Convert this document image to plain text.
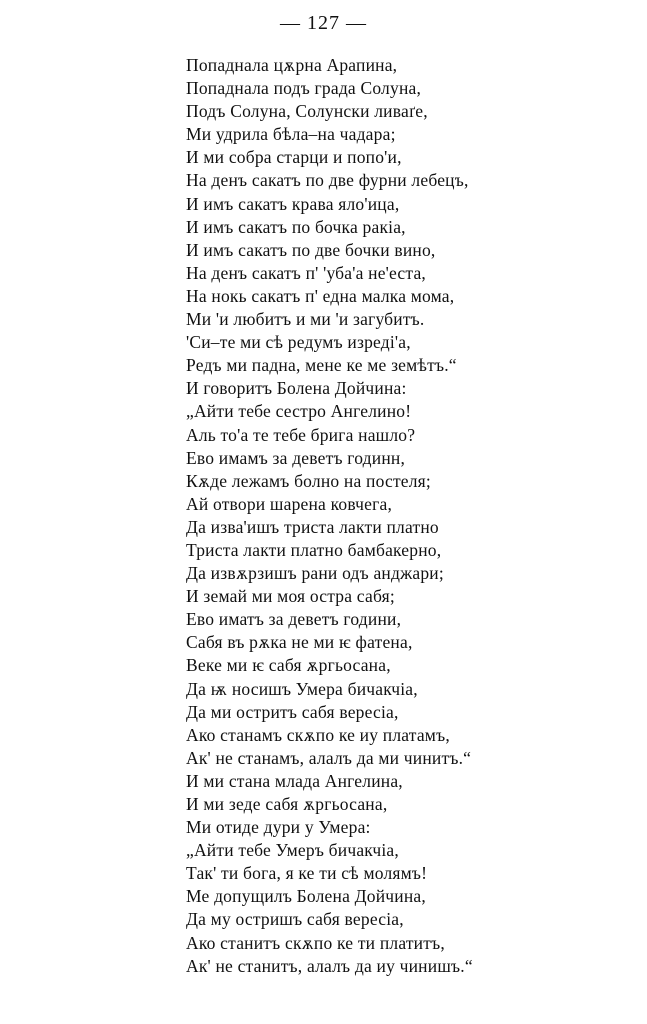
— 127 —
Попаднала цѫрна Арапина,
Попаднала подъ града Солуна,
Подъ Солуна, Солунски ливаґе,
Ми удрила бѣла–на чадара;
И ми собра старци и попо'и,
На денъ сакатъ по две фурни лебецъ,
И имъ сакатъ крава яло'ица,
И имъ сакатъ по бочка ракіа,
И имъ сакатъ по две бочки вино,
На денъ сакатъ п' 'уба'а не'еста,
На нокь сакатъ п' една малка мома,
Ми 'и любитъ и ми 'и загубитъ.
'Си–те ми сѣ редумъ изреді'а,
Редъ ми падна, мене ке ме земѣтъ.“
И говоритъ Болена Дойчина:
„Айти тебе сестро Ангелино!
Аль то'а те тебе брига нашло?
Ево имамъ за деветъ годинн,
Кѫде лежамъ болно на постеля;
Ай отвори шарена ковчега,
Да изва'ишъ триста лакти платно
Триста лакти платно бамбакерно,
Да извѫрзишъ рани одъ анджари;
И земай ми моя остра сабя;
Ево иматъ за деветъ години,
Сабя въ рѫка не ми ѥ фатена,
Веке ми ѥ сабя ѫргьосана,
Да ѭ носишъ Умера бичакчіа,
Да ми остритъ сабя вересіа,
Ако станамъ скѫпо ке иу платамъ,
Ак' не станамъ, алалъ да ми чинитъ.“
И ми стана млада Ангелина,
И ми зеде сабя ѫргьосана,
Ми отиде дури у Умера:
„Айти тебе Умеръ бичакчіа,
Так' ти бога, я ке ти сѣ молямъ!
Ме допущилъ Болена Дойчина,
Да му остришъ сабя вересіа,
Ако станитъ скѫпо ке ти платитъ,
Ак' не станитъ, алалъ да иу чинишъ.“
